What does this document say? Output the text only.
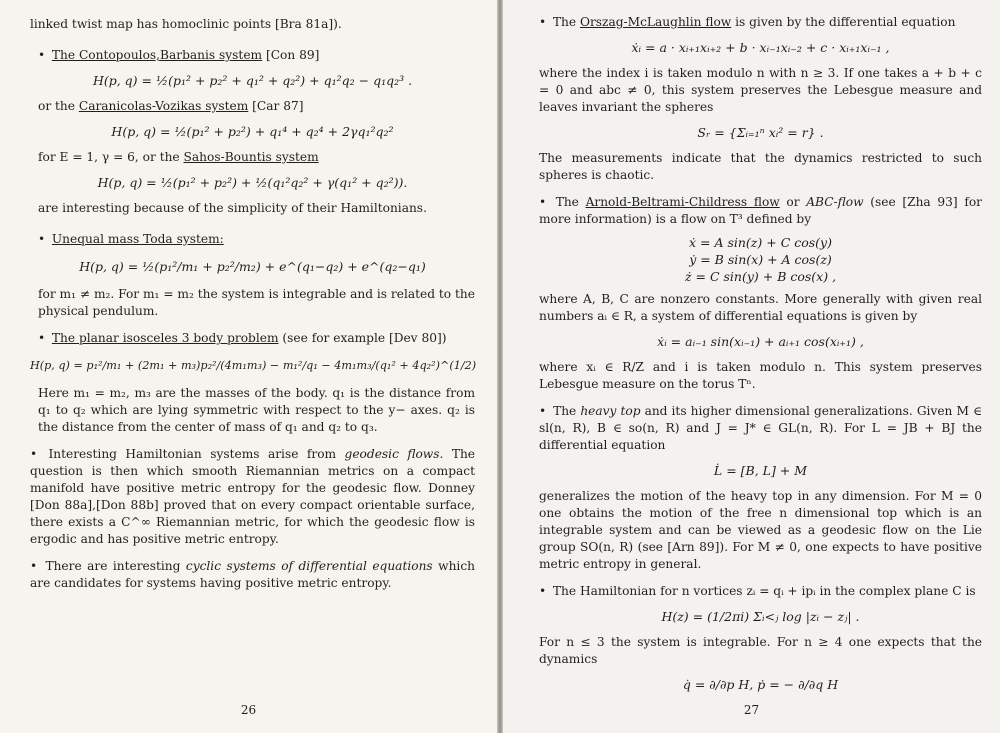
linked twist map has homoclinic points [Bra 81a]).

• The Contopoulos,Barbanis system [Con 89]

H(p, q) = ½(p₁² + p₂² + q₁² + q₂²) + q₁²q₂ − q₁q₂³ .

or the Caranicolas-Vozikas system [Car 87]

H(p, q) = ½(p₁² + p₂²) + q₁⁴ + q₂⁴ + 2γq₁²q₂²

for E = 1, γ = 6, or the Sahos-Bountis system

H(p, q) = ½(p₁² + p₂²) + ½(q₁²q₂² + γ(q₁² + q₂²)).

are interesting because of the simplicity of their Hamiltonians.

• Unequal mass Toda system:

H(p, q) = ½(p₁²/m₁ + p₂²/m₂) + e^(q₁−q₂) + e^(q₂−q₁)

for m₁ ≠ m₂. For m₁ = m₂ the system is integrable and is related to the physical pendulum.

• The planar isosceles 3 body problem (see for example [Dev 80])

H(p, q) = p₁²/m₁ + (2m₁ + m₃)p₂²/(4m₁m₃) − m₁²/q₁ − 4m₁m₃/(q₁² + 4q₂²)^(1/2)

Here m₁ = m₂, m₃ are the masses of the body. q₁ is the distance from q₁ to q₂ which are lying symmetric with respect to the y− axes. q₂ is the distance from the center of mass of q₁ and q₂ to q₃.

• Interesting Hamiltonian systems arise from geodesic flows. The question is then which smooth Riemannian metrics on a compact manifold have positive metric entropy for the geodesic flow. Donney [Don 88a],[Don 88b] proved that on every compact orientable surface, there exists a C^∞ Riemannian metric, for which the geodesic flow is ergodic and has positive metric entropy.

• There are interesting cyclic systems of differential equations which are candidates for systems having positive metric entropy.

26

• The Orszag-McLaughlin flow is given by the differential equation

ẋᵢ = a · xᵢ₊₁xᵢ₊₂ + b · xᵢ₋₁xᵢ₋₂ + c · xᵢ₊₁xᵢ₋₁ ,

where the index i is taken modulo n with n ≥ 3. If one takes a + b + c = 0 and abc ≠ 0, this system preserves the Lebesgue measure and leaves invariant the spheres

Sᵣ = {Σᵢ₌₁ⁿ xᵢ² = r} .

The measurements indicate that the dynamics restricted to such spheres is chaotic.

• The Arnold-Beltrami-Childress flow or ABC-flow (see [Zha 93] for more information) is a flow on T³ defined by

ẋ = A sin(z) + C cos(y)
ẏ = B sin(x) + A cos(z)
ż = C sin(y) + B cos(x) ,

where A, B, C are nonzero constants. More generally with given real numbers aᵢ ∈ R, a system of differential equations is given by

ẋᵢ = aᵢ₋₁ sin(xᵢ₋₁) + aᵢ₊₁ cos(xᵢ₊₁) ,

where xᵢ ∈ R/Z and i is taken modulo n. This system preserves Lebesgue measure on the torus Tⁿ.

• The heavy top and its higher dimensional generalizations. Given M ∈ sl(n, R), B ∈ so(n, R) and J = J* ∈ GL(n, R). For L = JB + BJ the differential equation

L̇ = [B, L] + M

generalizes the motion of the heavy top in any dimension. For M = 0 one obtains the motion of the free n dimensional top which is an integrable system and can be viewed as a geodesic flow on the Lie group SO(n, R) (see [Arn 89]). For M ≠ 0, one expects to have positive metric entropy in general.

• The Hamiltonian for n vortices zᵢ = qᵢ + ipᵢ in the complex plane C is

H(z) = (1/2πi) Σᵢ<ⱼ log |zᵢ − zⱼ| .

For n ≤ 3 the system is integrable. For n ≥ 4 one expects that the dynamics

q̇ = ∂/∂p H, ṗ = − ∂/∂q H
27
